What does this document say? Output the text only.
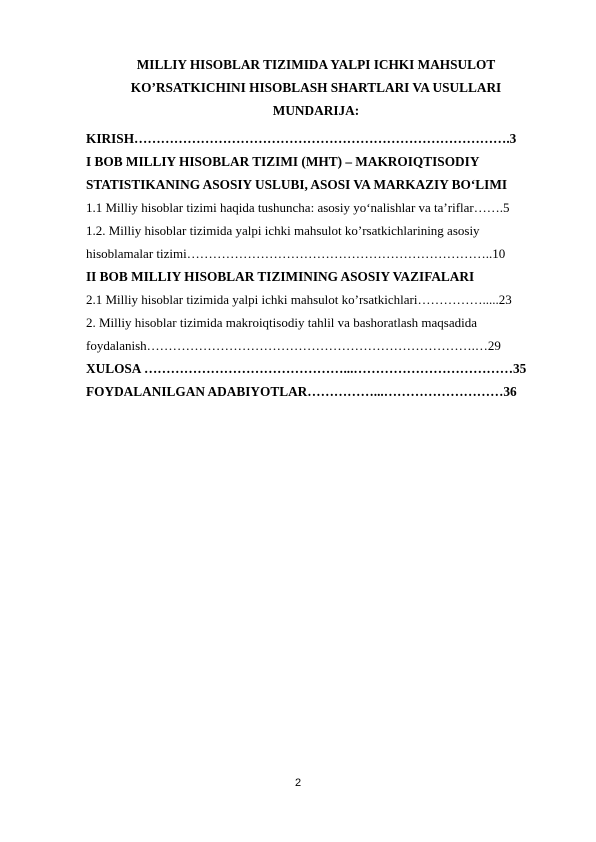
MILLIY HISOBLAR TIZIMIDA YALPI ICHKI MAHSULOT
KO’RSATKICHINI HISOBLASH SHARTLARI VA USULLARI
MUNDARIJA:
KIRISH………………………………………………………………………….3
I BOB MILLIY HISOBLAR TIZIMI (MHT) – MAKROIQTISODIY
STATISTIKANING ASOSIY USLUBI, ASOSI VA MARKAZIY BO‘LIMI
1.1 Milliy hisoblar tizimi haqida tushuncha: asosiy yo‘nalishlar va ta’riflar…….5
1.2. Milliy hisoblar tizimida yalpi ichki mahsulot ko’rsatkichlarining asosiy
hisoblamalar tizimi……………………………………………………………..10
II BOB MILLIY HISOBLAR TIZIMINING ASOSIY VAZIFALARI
2.1 Milliy hisoblar tizimida yalpi ichki mahsulot ko’rsatkichlari…………….....23
2. Milliy hisoblar tizimida makroiqtisodiy tahlil va bashoratlash maqsadida
foydalanish………………………………………………………………….…29
XULOSA ………………………………………...………………………………35
FOYDALANILGAN ADABIYOTLAR……………...………………………36
2
